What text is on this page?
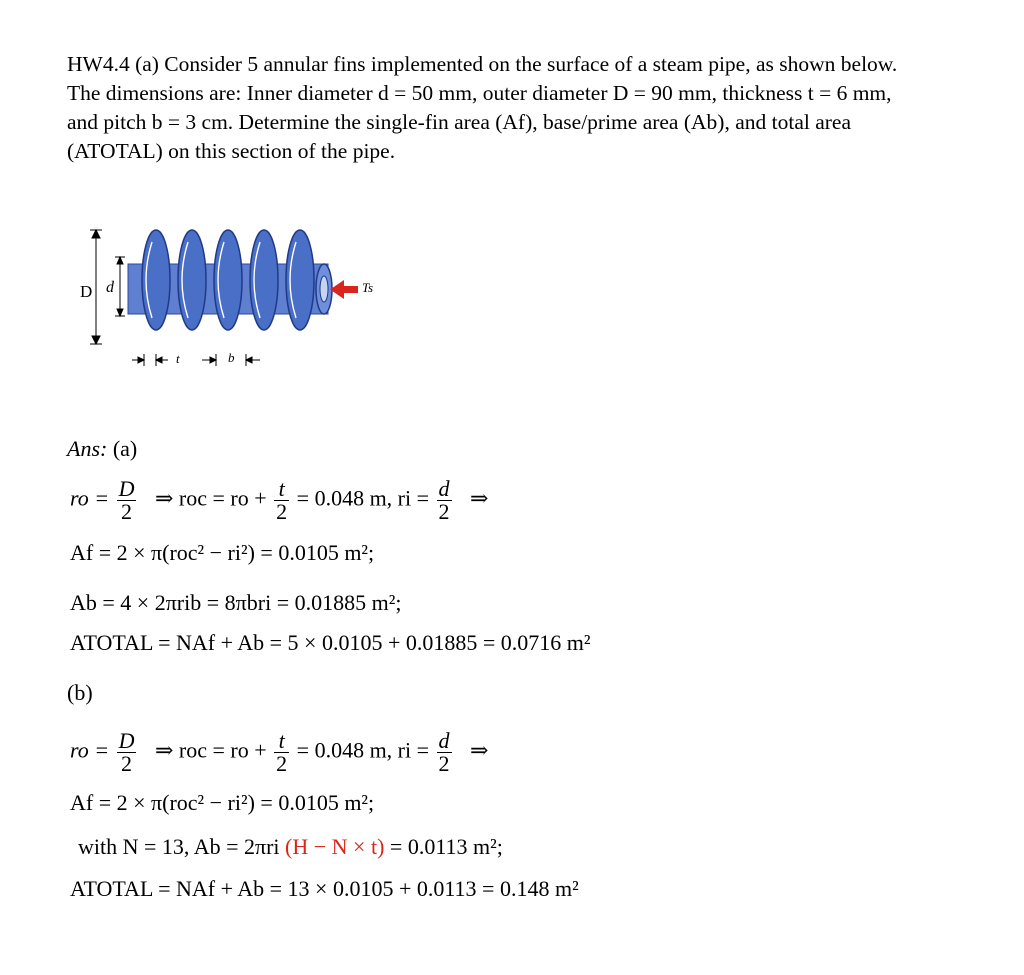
HW4.4 (a) Consider 5 annular fins implemented on the surface of a steam pipe, as shown below.

The dimensions are: Inner diameter d = 50 mm, outer diameter D = 90 mm, thickness t = 6 mm,

and pitch b = 3 cm. Determine the single-fin area (Af), base/prime area (Ab), and total area

(ATOTAL) on this section of the pipe.

D d
t	b
Ts
Ans: (a)
ro = $\frac{D}{2}$ ⇒ roc = ro + $\frac{t}{2} = 0.048$ m, ri = $\frac{d}{2}$ ⇒
Af = 2 × π(roc² − ri²) = 0.0105 m²;
Ab = 4 × 2πrib = 8πbri = 0.01885 m²;
ATOTAL = NAf + Ab = 5 × 0.0105 + 0.01885 = 0.0716 m²
(b)
ro = $\frac{D}{2}$ ⇒ roc = ro + $\frac{t}{2} = 0.048$ m, ri = $\frac{d}{2}$ ⇒
Af = 2 × π(roc² − ri²) = 0.0105 m²;
with N = 13, Ab = 2πri (H − N × t) = 0.0113 m²;
ATOTAL = NAf + Ab = 13 × 0.0105 + 0.0113 = 0.148 m²
